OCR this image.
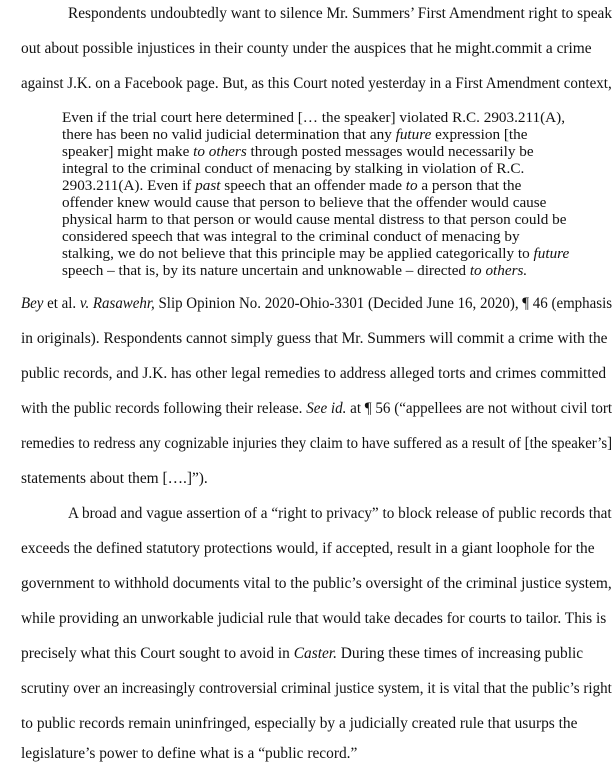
Respondents undoubtedly want to silence Mr. Summers’ First Amendment right to speak
out about possible injustices in their county under the auspices that he might.commit a crime
against J.K. on a Facebook page. But, as this Court noted yesterday in a First Amendment context,
Even if the trial court here determined [… the speaker] violated R.C. 2903.211(A),
there has been no valid judicial determination that any future expression [the
speaker] might make to others through posted messages would necessarily be
integral to the criminal conduct of menacing by stalking in violation of R.C.
2903.211(A). Even if past speech that an offender made to a person that the
offender knew would cause that person to believe that the offender would cause
physical harm to that person or would cause mental distress to that person could be
considered speech that was integral to the criminal conduct of menacing by
stalking, we do not believe that this principle may be applied categorically to future
speech – that is, by its nature uncertain and unknowable – directed to others.
Bey et al. v. Rasawehr, Slip Opinion No. 2020-Ohio-3301 (Decided June 16, 2020), ¶ 46 (emphasis
in originals). Respondents cannot simply guess that Mr. Summers will commit a crime with the
public records, and J.K. has other legal remedies to address alleged torts and crimes committed
with the public records following their release. See id. at ¶ 56 (“appellees are not without civil tort
remedies to redress any cognizable injuries they claim to have suffered as a result of [the speaker’s]
statements about them [….]”).
A broad and vague assertion of a “right to privacy” to block release of public records that
exceeds the defined statutory protections would, if accepted, result in a giant loophole for the
government to withhold documents vital to the public’s oversight of the criminal justice system,
while providing an unworkable judicial rule that would take decades for courts to tailor. This is
precisely what this Court sought to avoid in Caster. During these times of increasing public
scrutiny over an increasingly controversial criminal justice system, it is vital that the public’s right
to public records remain uninfringed, especially by a judicially created rule that usurps the
legislature’s power to define what is a “public record.”
